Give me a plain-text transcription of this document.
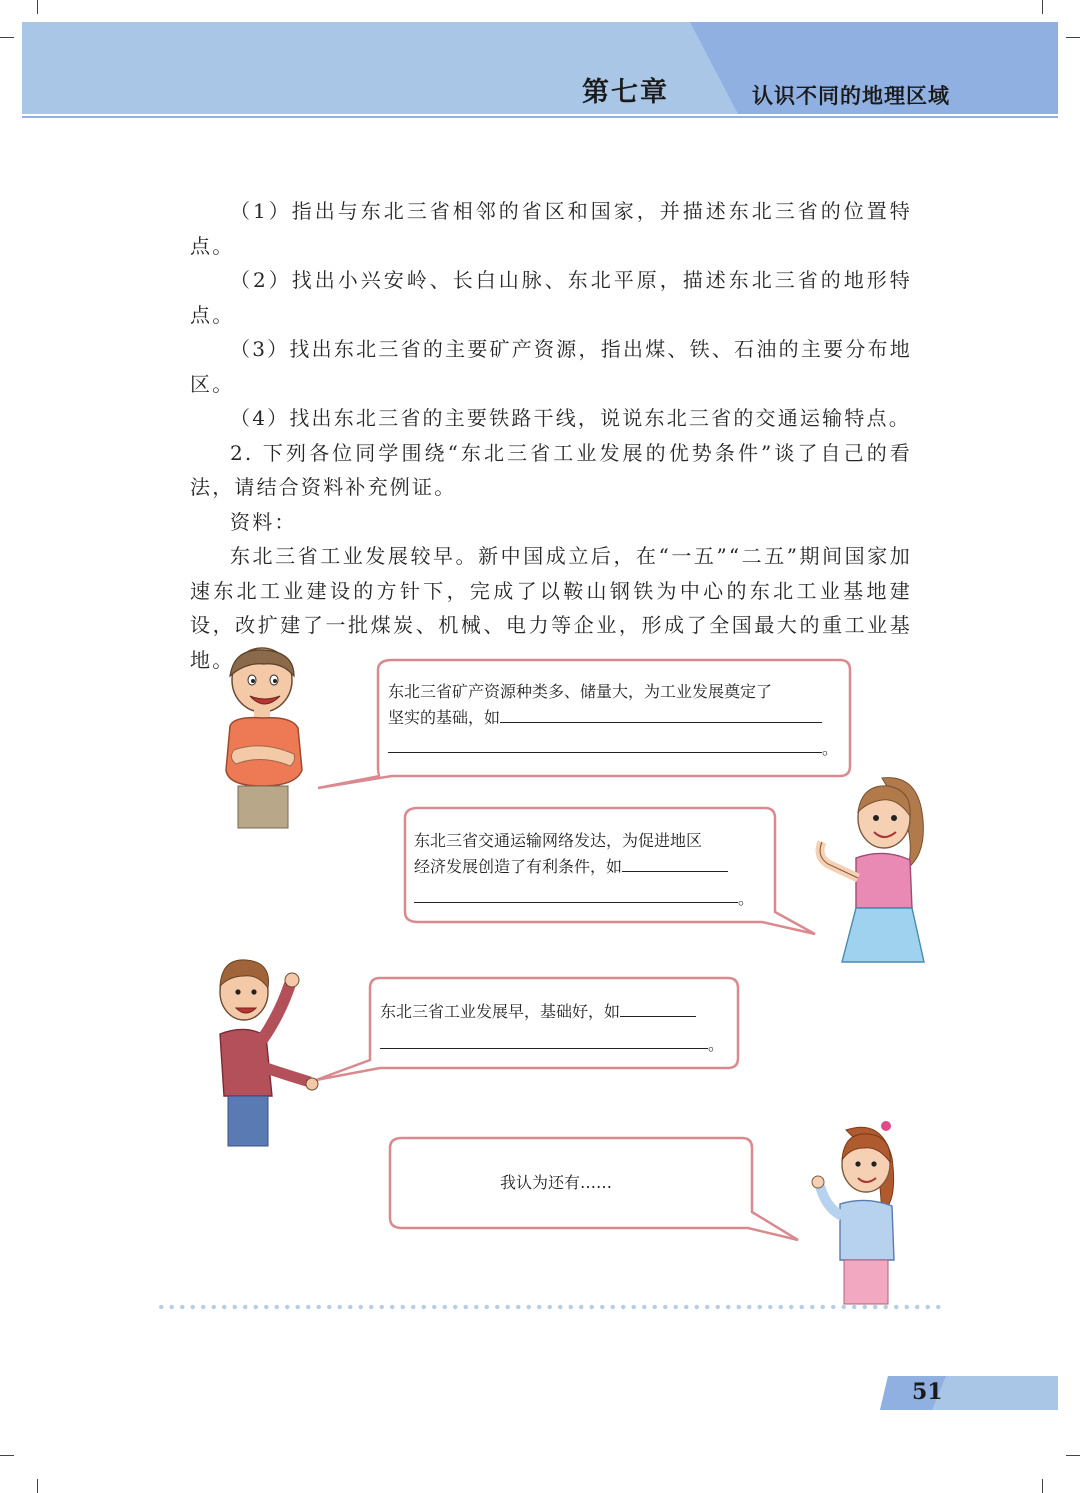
第七章	认识不同的地理区域

（1）指出与东北三省相邻的省区和国家，并描述东北三省的位置特点。

（2）找出小兴安岭、长白山脉、东北平原，描述东北三省的地形特点。

（3）找出东北三省的主要矿产资源，指出煤、铁、石油的主要分布地区。

（4）找出东北三省的主要铁路干线，说说东北三省的交通运输特点。

2. 下列各位同学围绕“东北三省工业发展的优势条件”谈了自己的看法，请结合资料补充例证。

资料：

东北三省工业发展较早。新中国成立后，在“一五”“二五”期间国家加速东北工业建设的方针下，完成了以鞍山钢铁为中心的东北工业基地建设，改扩建了一批煤炭、机械、电力等企业，形成了全国最大的重工业基地。

东北三省矿产资源种类多、储量大，为工业发展奠定了
坚实的基础，如
。
东北三省交通运输网络发达，为促进地区
经济发展创造了有利条件，如
。
东北三省工业发展早，基础好，如
。
我认为还有……
51
